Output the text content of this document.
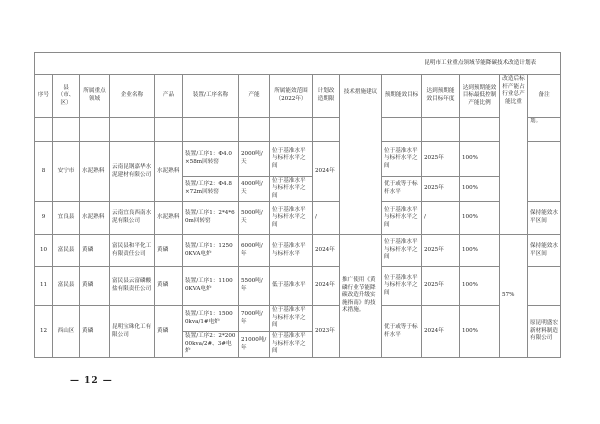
昆明市工业重点领域节能降碳技术改造计划表														
序号	县（市、区）	所属重点领域	企业名称	产品	装置/工序名称	产能	所属能效范围（2022年）	计划改造期限	技术措施建议	预期能效目标	达到预期能效目标年度	达到预期能效目标最低控制产能比例	改造后标杆产能占行业总产能比重	备注
														划。
8	安宁市	水泥熟料	云南昆钢嘉华水泥建材有限公司	水泥熟料	装置/工序1：Φ4.0×58m回转窑	2000吨/天	位于基准水平与标杆水平之间	2024年		位于基准水平与标杆水平之间	2025年	100%		
					装置/工序2：Φ4.8×72m回转窑	4000吨/天	位于基准水平与标杆水平之间			优于或等于标杆水平	2025年	100%		
9	宜良县	水泥熟料	云南宜良西南水泥有限公司	水泥熟料	装置/工序1：2*4*60m回转窑	5000吨/天	位于基准水平与标杆水平之间	/		位于基准水平与标杆水平之间	/	100%		保持能效水平区间
10	富民县	黄磷	富民县和平化工有限责任公司	黄磷	装置/工序1：12500KVA电炉	6000吨/年	位于基准水平与标杆水平	2024年	推广使用《黄磷行业节能降碳改造升级实施指南》的技术措施。	位于基准水平与标杆水平之间	2025年	100%	57%	保持能效水平区间
11	富民县	黄磷	富民县云富磷酸盐有限责任公司	黄磷	装置/工序1：11000KVA电炉	5500吨/年	低于基准水平	2024年		位于基准水平与标杆水平之间	2025年	100%		
12	西山区	黄磷	昆明宝珠化工有限公司	黄磷	装置/工序1：15000kva/1#电炉	7000吨/年	位于基准水平与标杆水平之间	2023年		优于或等于标杆水平	2024年	100%		原昆明盛宏新材料制造有限公司
					装置/工序2：2*20000kva/2#、3#电炉	21000吨/年	位于基准水平与标杆水平之间							
— 12 —
